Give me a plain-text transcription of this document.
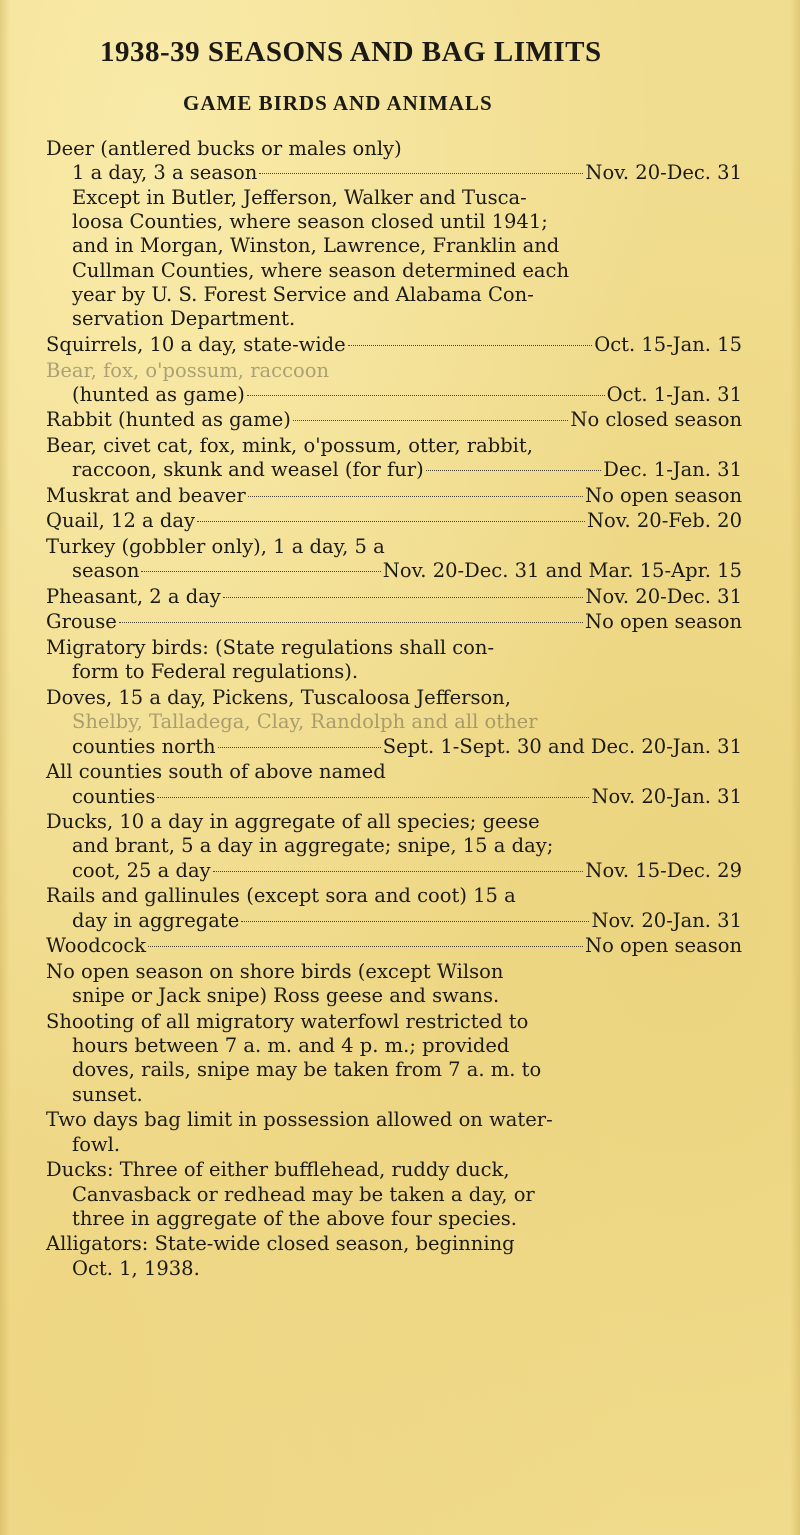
1938-39 SEASONS AND BAG LIMITS
GAME BIRDS AND ANIMALS
Deer (antlered bucks or males only)
1 a day, 3 a season	Nov. 20-Dec. 31
Except in Butler, Jefferson, Walker and Tusca-
loosa Counties, where season closed until 1941;
and in Morgan, Winston, Lawrence, Franklin and
Cullman Counties, where season determined each
year by U. S. Forest Service and Alabama Con-
servation Department.
Squirrels, 10 a day, state-wide	Oct. 15-Jan. 15
Bear, fox, o'possum, raccoon
(hunted as game)	Oct. 1-Jan. 31
Rabbit (hunted as game)	No closed season
Bear, civet cat, fox, mink, o'possum, otter, rabbit,
raccoon, skunk and weasel (for fur)	Dec. 1-Jan. 31
Muskrat and beaver	No open season
Quail, 12 a day	Nov. 20-Feb. 20
Turkey (gobbler only), 1 a day, 5 a
season	Nov. 20-Dec. 31 and Mar. 15-Apr. 15
Pheasant, 2 a day	Nov. 20-Dec. 31
Grouse	No open season
Migratory birds: (State regulations shall con-
form to Federal regulations).
Doves, 15 a day, Pickens, Tuscaloosa Jefferson,
Shelby, Talladega, Clay, Randolph and all other
counties north	Sept. 1-Sept. 30 and Dec. 20-Jan. 31
All counties south of above named
counties	Nov. 20-Jan. 31
Ducks, 10 a day in aggregate of all species; geese
and brant, 5 a day in aggregate; snipe, 15 a day;
coot, 25 a day	Nov. 15-Dec. 29
Rails and gallinules (except sora and coot) 15 a
day in aggregate	Nov. 20-Jan. 31
Woodcock	No open season
No open season on shore birds (except Wilson
snipe or Jack snipe) Ross geese and swans.
Shooting of all migratory waterfowl restricted to
hours between 7 a. m. and 4 p. m.; provided
doves, rails, snipe may be taken from 7 a. m. to
sunset.
Two days bag limit in possession allowed on water-
fowl.
Ducks: Three of either bufflehead, ruddy duck,
Canvasback or redhead may be taken a day, or
three in aggregate of the above four species.
Alligators: State-wide closed season, beginning
Oct. 1, 1938.
